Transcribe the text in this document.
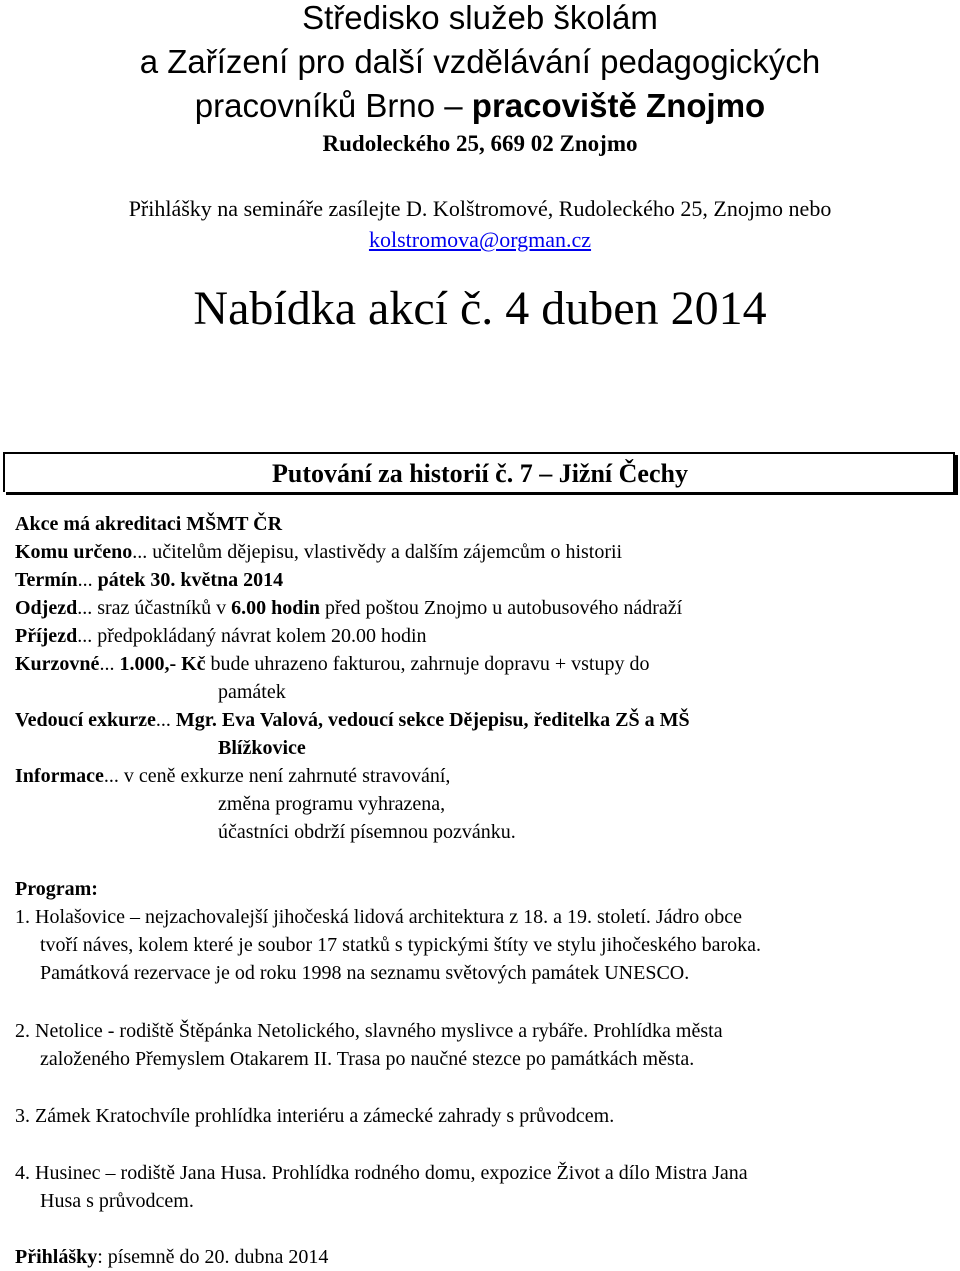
Středisko služeb školám
a Zařízení pro další vzdělávání pedagogických
pracovníků Brno – pracoviště Znojmo
Rudoleckého 25, 669 02 Znojmo
Přihlášky na semináře zasílejte D. Kolštromové, Rudoleckého 25, Znojmo nebo
kolstromova@orgman.cz
Nabídka akcí č. 4 duben 2014
Putování za historií č. 7 – Jižní Čechy
Akce má akreditaci MŠMT ČR
Komu určeno... učitelům dějepisu, vlastivědy a dalším zájemcům o historii
Termín... pátek 30. května 2014
Odjezd... sraz účastníků v 6.00 hodin před poštou Znojmo u autobusového nádraží
Příjezd... předpokládaný návrat kolem 20.00 hodin
Kurzovné... 1.000,- Kč bude uhrazeno fakturou, zahrnuje dopravu + vstupy do
památek
Vedoucí exkurze... Mgr. Eva Valová, vedoucí sekce Dějepisu, ředitelka ZŠ a MŠ
Blížkovice
Informace... v ceně exkurze není zahrnuté stravování,
změna programu vyhrazena,
účastníci obdrží písemnou pozvánku.
Program:
1. Holašovice – nejzachovalejší jihočeská lidová architektura z 18. a 19. století. Jádro obce
tvoří náves, kolem které je soubor 17 statků s typickými štíty ve stylu jihočeského baroka.
Památková rezervace je od roku 1998 na seznamu světových památek UNESCO.
2. Netolice - rodiště Štěpánka Netolického, slavného myslivce a rybáře. Prohlídka města
založeného Přemyslem Otakarem II. Trasa po naučné stezce po památkách města.
3. Zámek Kratochvíle prohlídka interiéru a zámecké zahrady s průvodcem.
4. Husinec – rodiště Jana Husa. Prohlídka rodného domu, expozice Život a dílo Mistra Jana
Husa s průvodcem.
Přihlášky: písemně do 20. dubna 2014
